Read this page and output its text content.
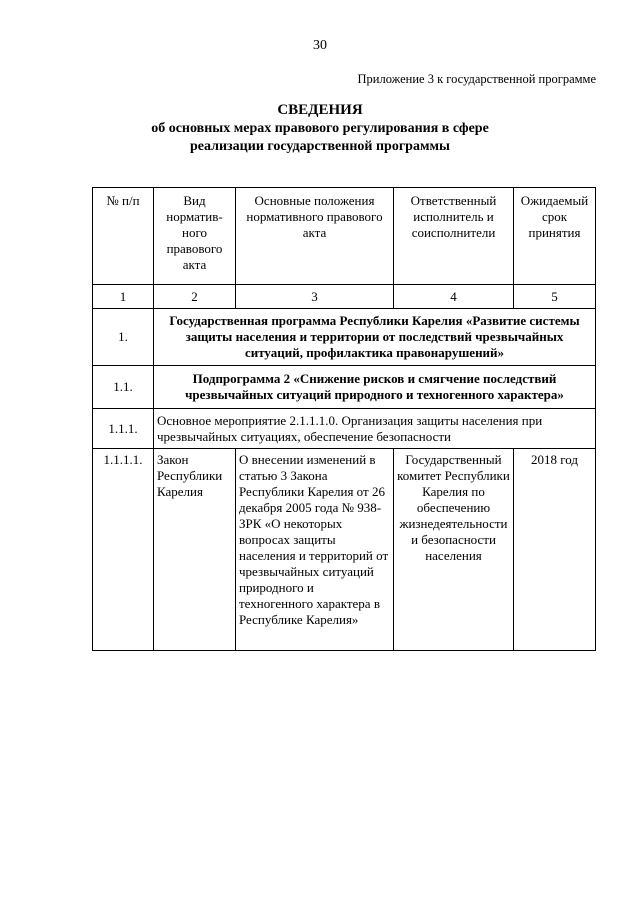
30
Приложение 3 к государственной программе
СВЕДЕНИЯ
об основных мерах правового регулирования в сфере
реализации государственной программы
№ п/п	Вид норматив-ного правового акта	Основные положения нормативного правового акта	Ответственный исполнитель и соисполнители	Ожидаемый срок принятия
1	2	3	4	5
1.	Государственная программа Республики Карелия «Развитие системы защиты населения и территории от последствий чрезвычайных ситуаций, профилактика правонарушений»			
1.1.	Подпрограмма 2 «Снижение рисков и смягчение последствий чрезвычайных ситуаций природного и техногенного характера»			
1.1.1.	Основное мероприятие 2.1.1.1.0. Организация защиты населения при чрезвычайных ситуациях, обеспечение безопасности			
1.1.1.1.	Закон Республики Карелия	О внесении изменений в статью 3 Закона Республики Карелия от 26 декабря 2005 года № 938-ЗРК «О некоторых вопросах защиты населения и территорий от чрезвычайных ситуаций природного и техногенного характера в Республике Карелия»	Государственный комитет Республики Карелия по обеспечению жизнедеятельности и безопасности населения	2018 год
